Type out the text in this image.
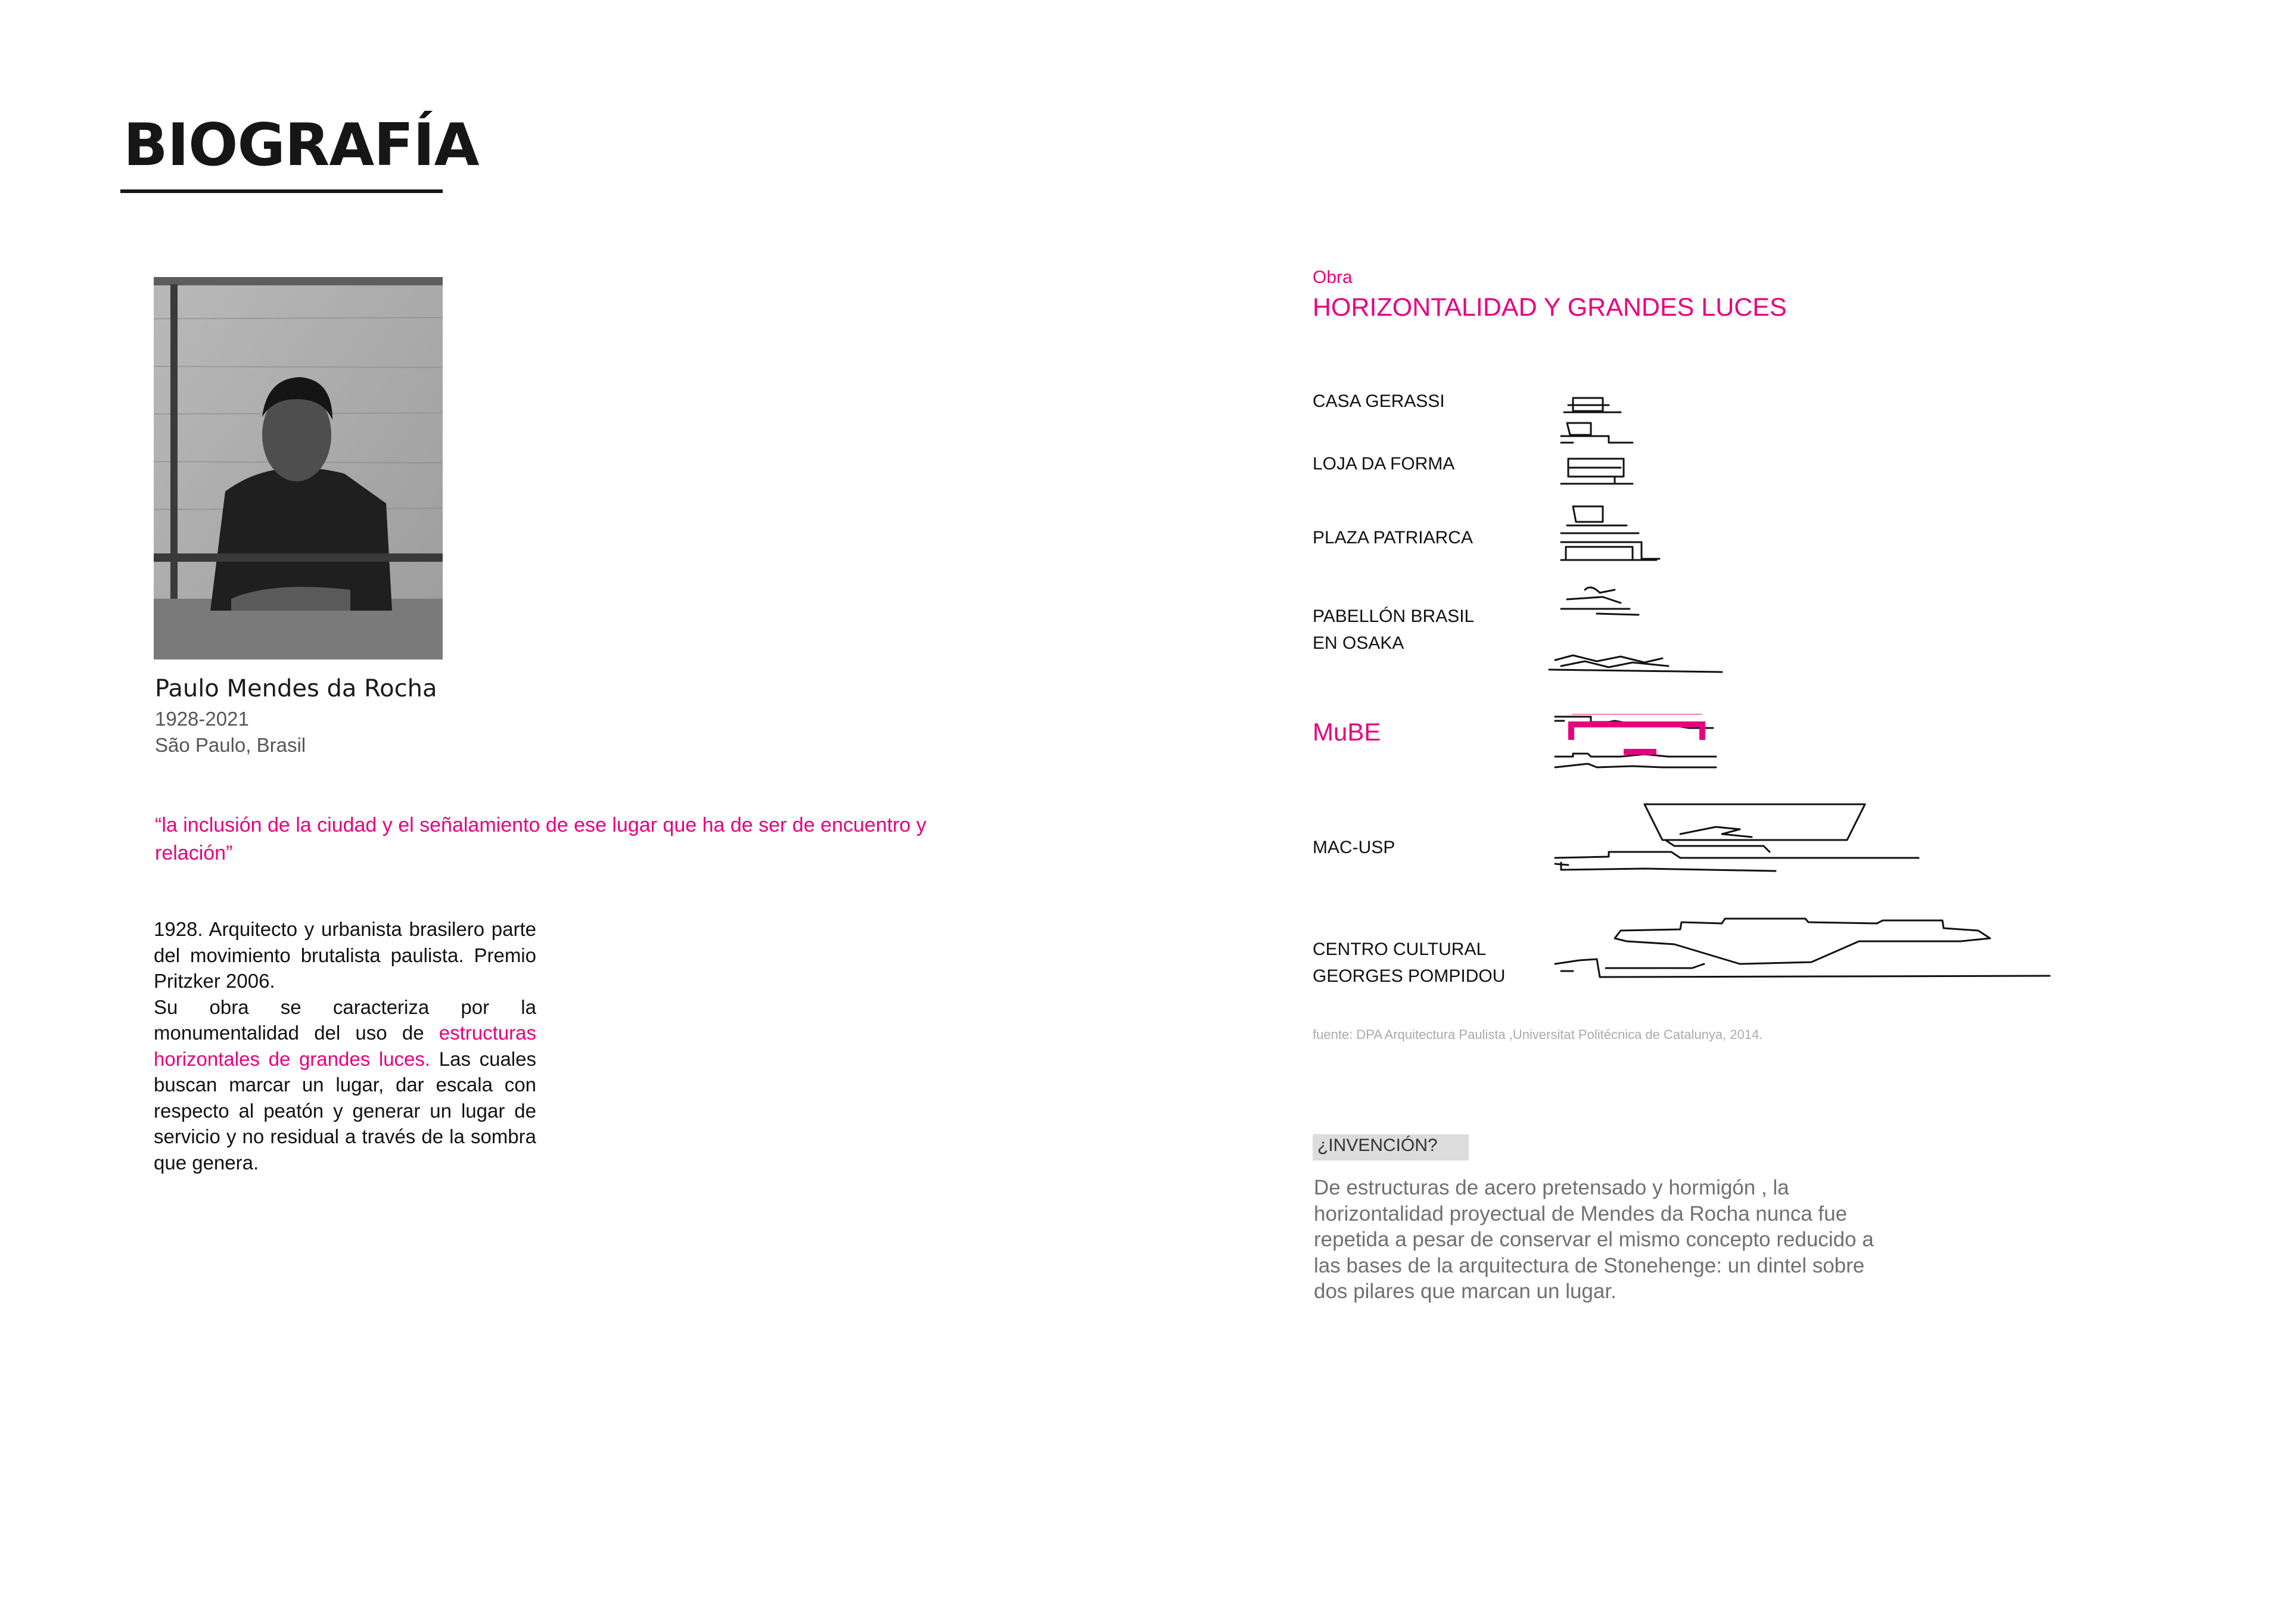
BIOGRAFÍA
Paulo Mendes da Rocha
1928-2021
São Paulo, Brasil
“la inclusión de la ciudad y el señalamiento de ese lugar que ha de ser de encuentro y relación”
1928. Arquitecto y urbanista brasilero parte del movimiento brutalista paulista. Premio Pritzker 2006.
Su obra se caracteriza por la monumentalidad del uso de estructuras horizontales de grandes luces. Las cuales buscan marcar un lugar, dar escala con respecto al peatón y generar un lugar de servicio y no residual a través de la sombra que genera.
Obra
HORIZONTALIDAD Y GRANDES LUCES
CASA GERASSI
LOJA DA FORMA
PLAZA PATRIARCA
PABELLÓN BRASIL
EN OSAKA
MuBE
MAC-USP
CENTRO CULTURAL
GEORGES POMPIDOU
fuente: DPA Arquitectura Paulista ,Universitat Politécnica de Catalunya, 2014.
¿INVENCIÓN?
De estructuras de acero pretensado y hormigón , la horizontalidad proyectual de Mendes da Rocha nunca fue repetida a pesar de conservar el mismo concepto reducido a las bases de la arquitectura de Stonehenge: un dintel sobre dos pilares que marcan un lugar.
